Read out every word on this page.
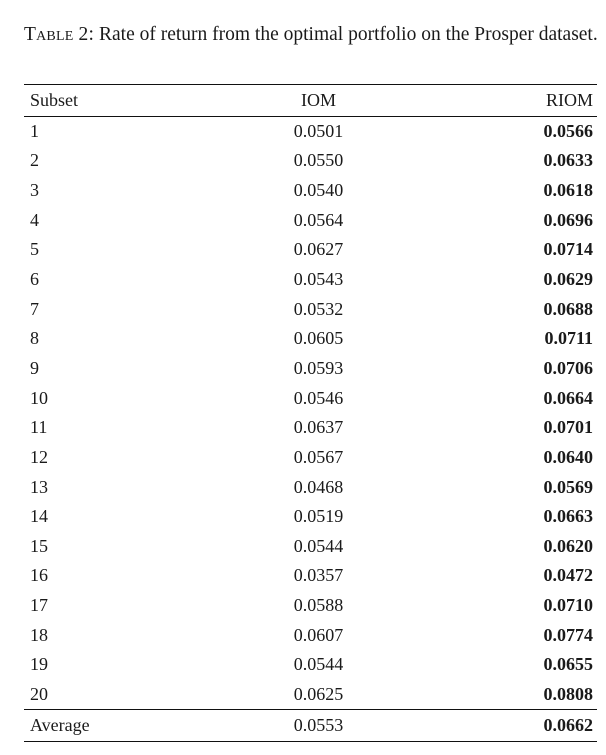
Table 2: Rate of return from the optimal portfolio on the Prosper dataset.
Subset	IOM	RIOM
1	0.0501	0.0566
2	0.0550	0.0633
3	0.0540	0.0618
4	0.0564	0.0696
5	0.0627	0.0714
6	0.0543	0.0629
7	0.0532	0.0688
8	0.0605	0.0711
9	0.0593	0.0706
10	0.0546	0.0664
11	0.0637	0.0701
12	0.0567	0.0640
13	0.0468	0.0569
14	0.0519	0.0663
15	0.0544	0.0620
16	0.0357	0.0472
17	0.0588	0.0710
18	0.0607	0.0774
19	0.0544	0.0655
20	0.0625	0.0808
Average	0.0553	0.0662
